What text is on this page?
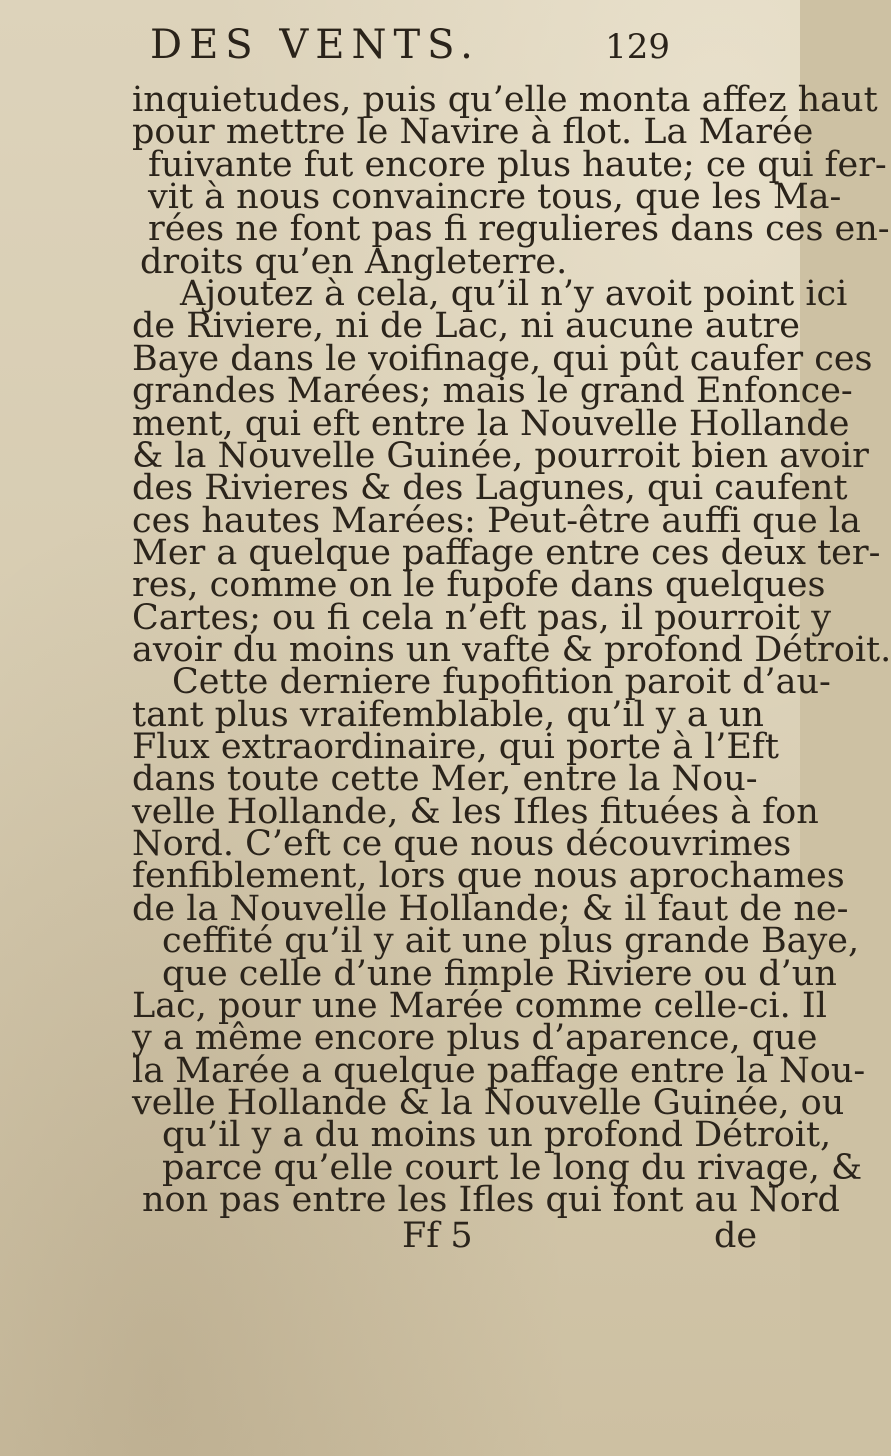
DES VENTS.	129
inquietudes, puis qu’elle monta affez haut
pour mettre le Navire à flot. La Marée
fuivante fut encore plus haute; ce qui fer-
vit à nous convaincre tous, que les Ma-
rées ne font pas fi regulieres dans ces en-
droits qu’en Angleterre.
Ajoutez à cela, qu’il n’y avoit point ici
de Riviere, ni de Lac, ni aucune autre
Baye dans le voifinage, qui pût caufer ces
grandes Marées; mais le grand Enfonce-
ment, qui eft entre la Nouvelle Hollande
& la Nouvelle Guinée, pourroit bien avoir
des Rivieres & des Lagunes, qui caufent
ces hautes Marées: Peut-être auffi que la
Mer a quelque paffage entre ces deux ter-
res, comme on le fupofe dans quelques
Cartes; ou fi cela n’eft pas, il pourroit y
avoir du moins un vafte & profond Détroit.
Cette derniere fupofition paroit d’au-
tant plus vraifemblable, qu’il y a un
Flux extraordinaire, qui porte à l’Eft
dans toute cette Mer, entre la Nou-
velle Hollande, & les Ifles fituées à fon
Nord. C’eft ce que nous découvrimes
fenfiblement, lors que nous aprochames
de la Nouvelle Hollande; & il faut de ne-
ceffité qu’il y ait une plus grande Baye,
que celle d’une fimple Riviere ou d’un
Lac, pour une Marée comme celle-ci. Il
y a même encore plus d’aparence, que
la Marée a quelque paffage entre la Nou-
velle Hollande & la Nouvelle Guinée, ou
qu’il y a du moins un profond Détroit,
parce qu’elle court le long du rivage, &
non pas entre les Ifles qui font au Nord
Ff 5	de
